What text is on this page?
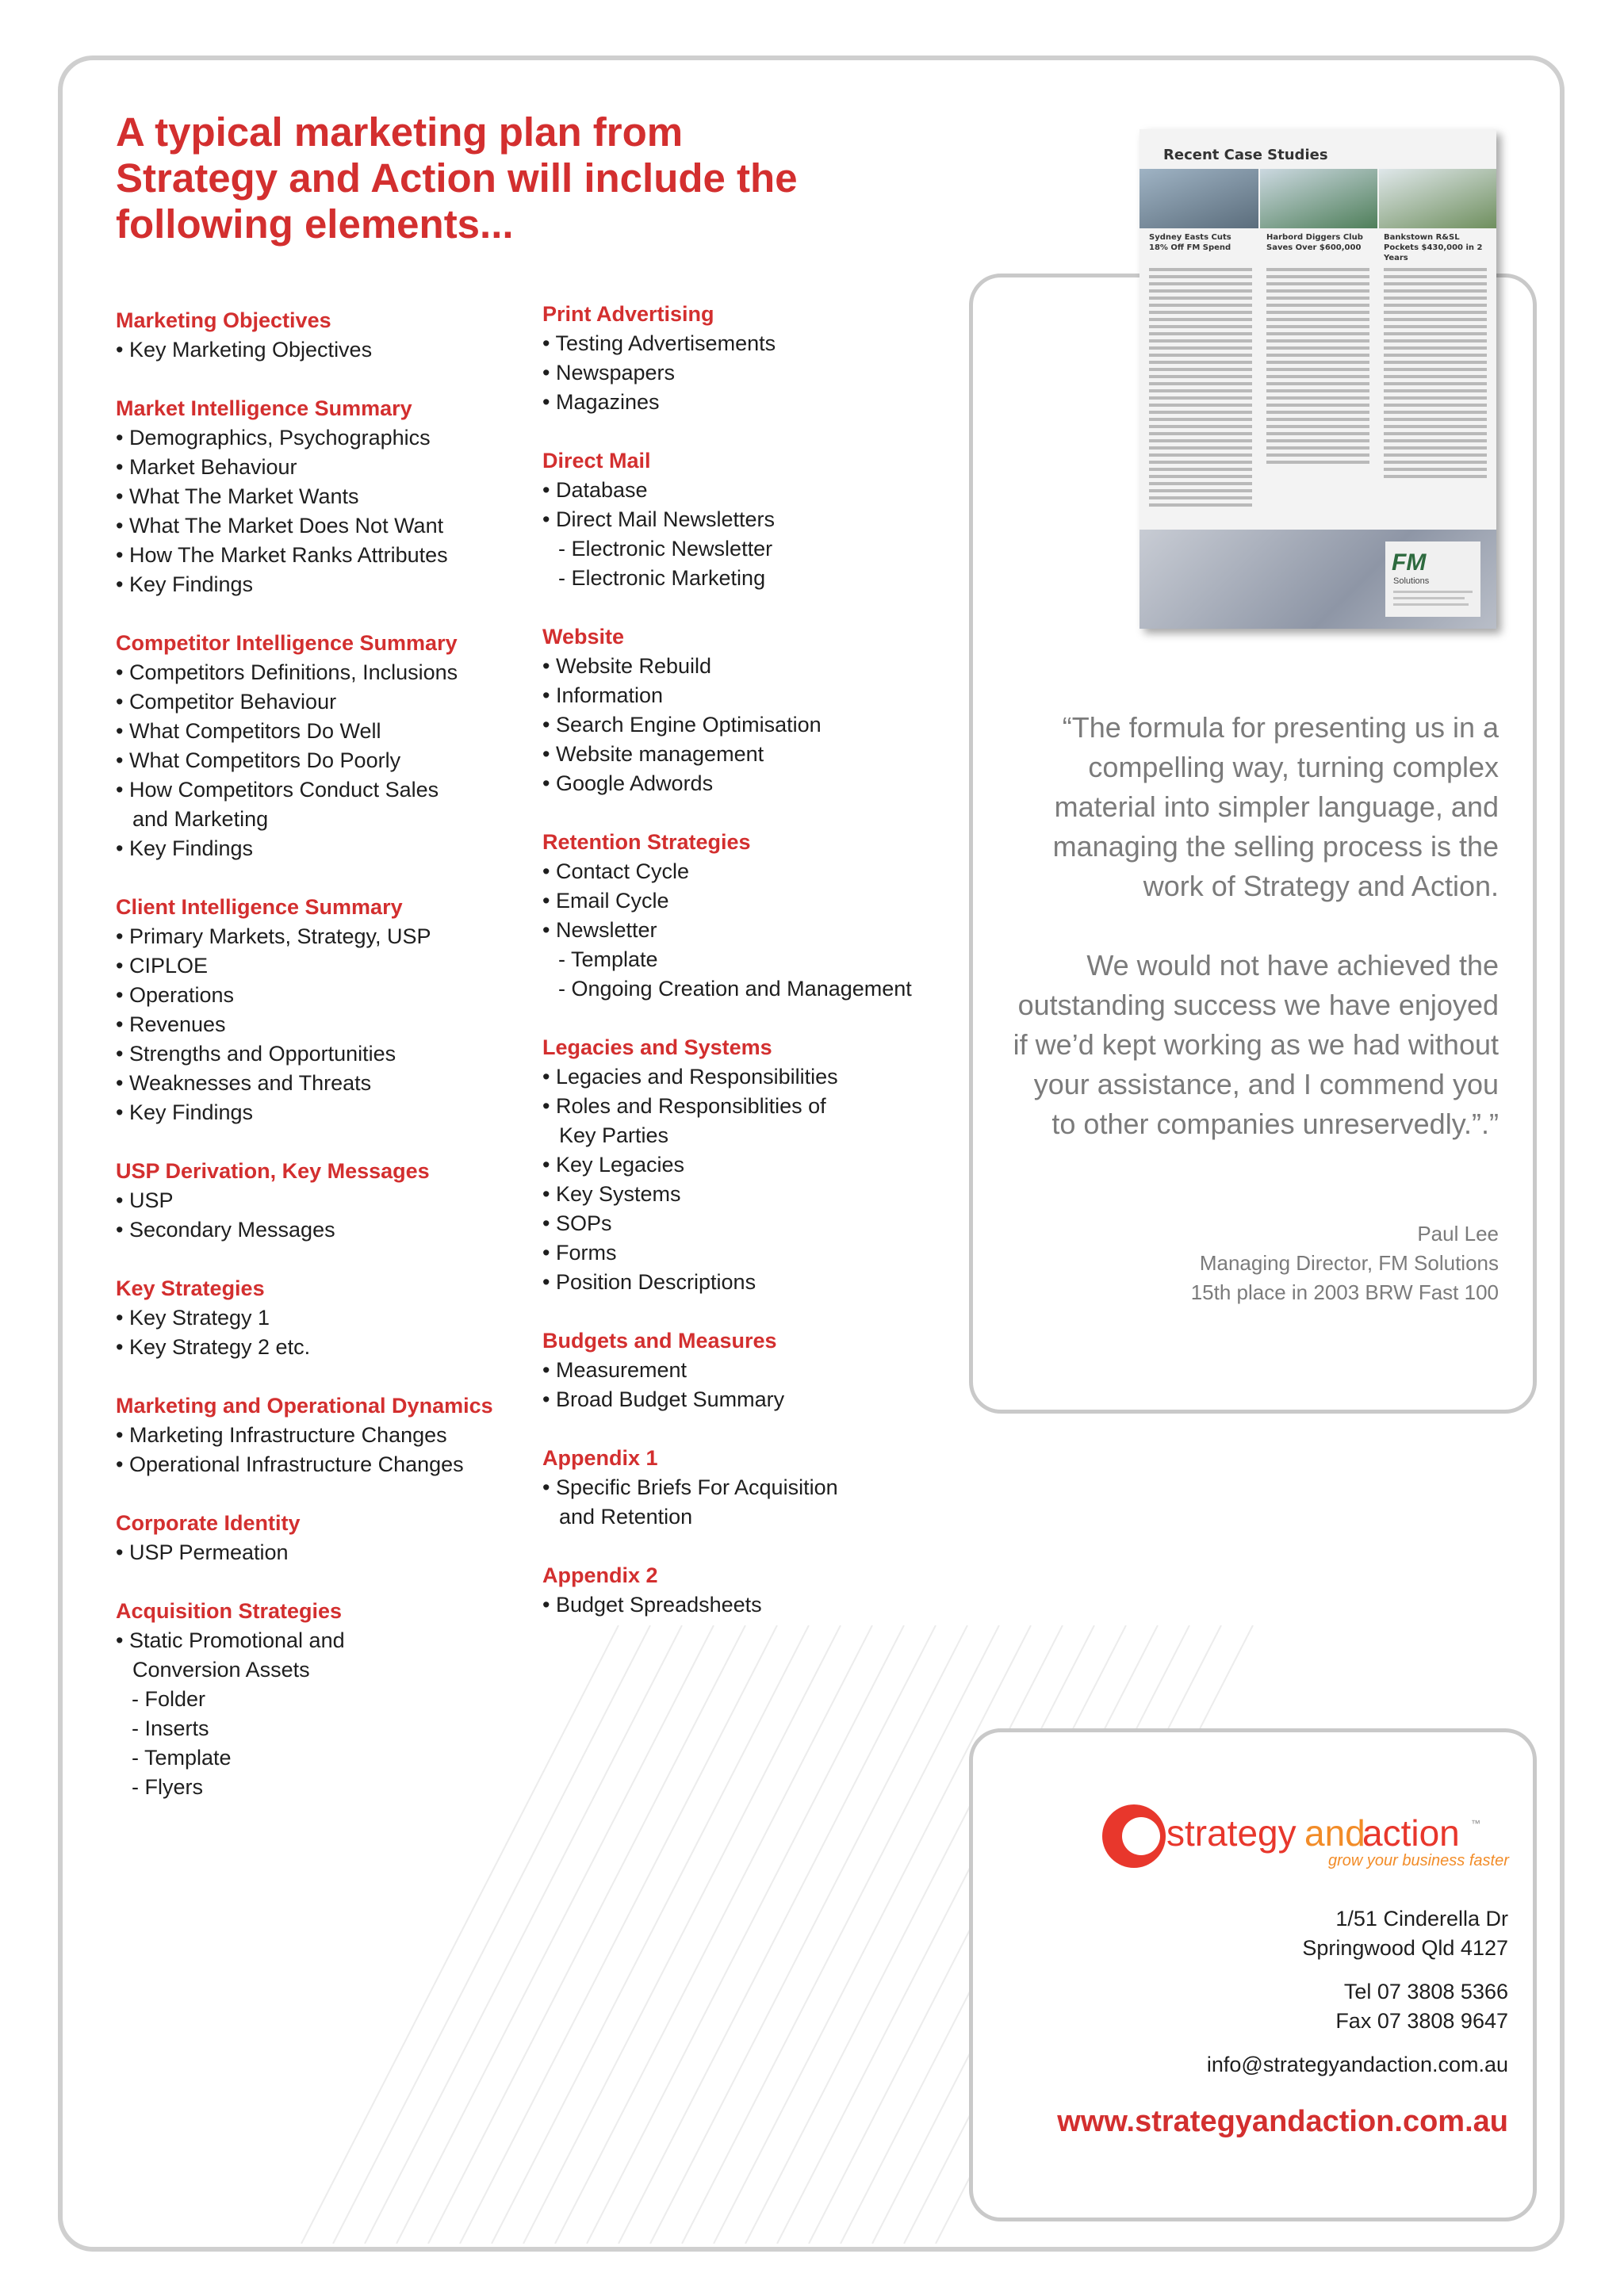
A typical marketing plan from Strategy and Action will include the following elements...
Marketing Objectives
• Key Marketing Objectives
Market Intelligence Summary
• Demographics, Psychographics
• Market Behaviour
• What The Market Wants
• What The Market Does Not Want
• How The Market Ranks Attributes
• Key Findings
Competitor Intelligence Summary
• Competitors Definitions, Inclusions
• Competitor Behaviour
• What Competitors Do Well
• What Competitors Do Poorly
• How Competitors Conduct Sales
and Marketing
• Key Findings
Client Intelligence Summary
• Primary Markets, Strategy, USP
• CIPLOE
• Operations
• Revenues
• Strengths and Opportunities
• Weaknesses and Threats
• Key Findings
USP Derivation, Key Messages
• USP
• Secondary Messages
Key Strategies
• Key Strategy 1
• Key Strategy 2 etc.
Marketing and Operational Dynamics
• Marketing Infrastructure Changes
• Operational Infrastructure Changes
Corporate Identity
• USP Permeation
Acquisition Strategies
• Static Promotional and
Conversion Assets
- Folder
- Inserts
- Template
- Flyers
Print Advertising
• Testing Advertisements
• Newspapers
• Magazines
Direct Mail
• Database
• Direct Mail Newsletters
- Electronic Newsletter
- Electronic Marketing
Website
• Website Rebuild
• Information
• Search Engine Optimisation
• Website management
• Google Adwords
Retention Strategies
• Contact Cycle
• Email Cycle
• Newsletter
- Template
- Ongoing Creation and Management
Legacies and Systems
• Legacies and Responsibilities
• Roles and Responsiblities of
Key Parties
• Key Legacies
• Key Systems
• SOPs
• Forms
• Position Descriptions
Budgets and Measures
• Measurement
• Broad Budget Summary
Appendix 1
• Specific Briefs For Acquisition
and Retention
Appendix 2
• Budget Spreadsheets
Recent Case Studies
Sydney Easts Cuts 18% Off FM Spend
Harbord Diggers Club Saves Over $600,000
Bankstown R&SL Pockets $430,000 in 2 Years
FM
Solutions
“The formula for presenting us in a compelling way, turning complex material into simpler language, and managing the selling process is the work of Strategy and Action.
We would not have achieved the outstanding success we have enjoyed if we’d kept working as we had without your assistance, and I commend you to other companies unreservedly.”.”
Paul Lee
Managing Director, FM Solutions
15th place in 2003 BRW Fast 100
strategy and
action ™
grow your business faster
1/51 Cinderella Dr
Springwood Qld 4127
Tel 07 3808 5366
Fax 07 3808 9647
info@strategyandaction.com.au
www.strategyandaction.com.au
